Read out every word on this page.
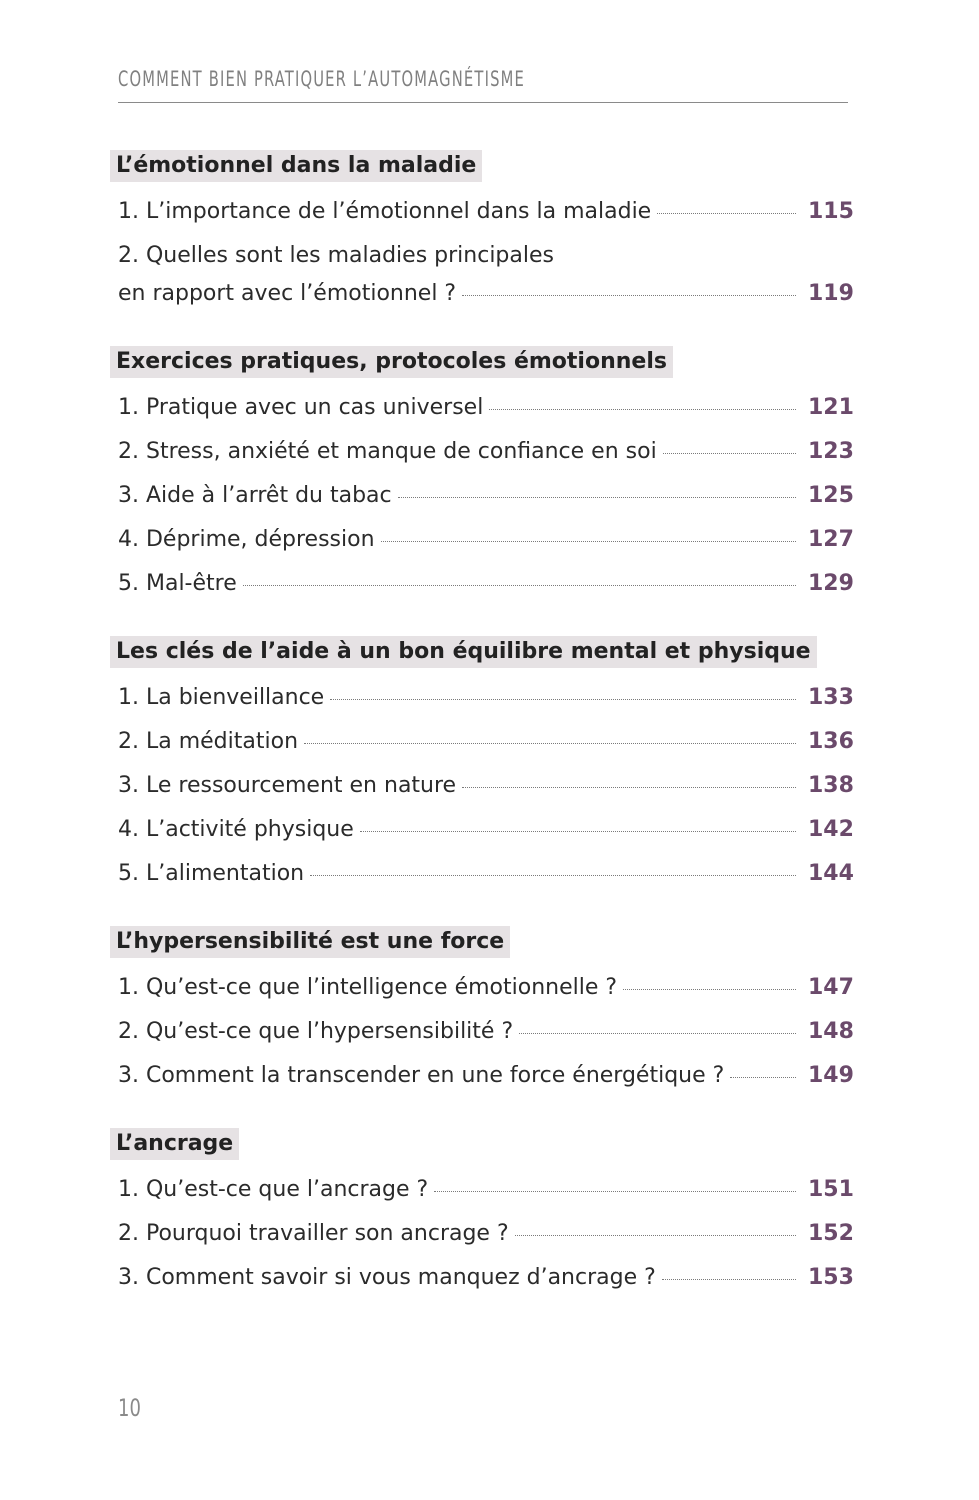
COMMENT BIEN PRATIQUER L’AUTOMAGNÉTISME
L’émotionnel dans la maladie
1. L’importance de l’émotionnel dans la maladie	115
2. Quelles sont les maladies principales
en rapport avec l’émotionnel ?	119
Exercices pratiques, protocoles émotionnels
1. Pratique avec un cas universel	121
2. Stress, anxiété et manque de confiance en soi	123
3. Aide à l’arrêt du tabac	125
4. Déprime, dépression	127
5. Mal-être	129
Les clés de l’aide à un bon équilibre mental et physique
1. La bienveillance	133
2. La méditation	136
3. Le ressourcement en nature	138
4. L’activité physique	142
5. L’alimentation	144
L’hypersensibilité est une force
1. Qu’est-ce que l’intelligence émotionnelle ?	147
2. Qu’est-ce que l’hypersensibilité ?	148
3. Comment la transcender en une force énergétique ?	149
L’ancrage
1. Qu’est-ce que l’ancrage ?	151
2. Pourquoi travailler son ancrage ?	152
3. Comment savoir si vous manquez d’ancrage ?	153
10
